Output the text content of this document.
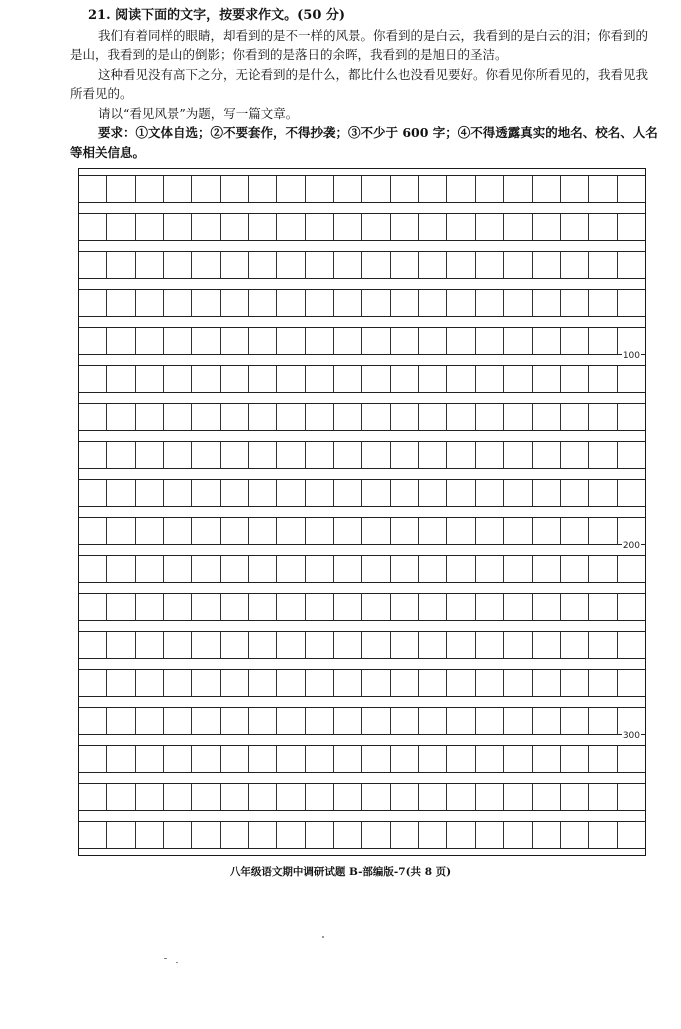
21. 阅读下面的文字，按要求作文。(50 分)

我们有着同样的眼睛，却看到的是不一样的风景。你看到的是白云，我看到的是白云的泪；你看到的是山，我看到的是山的倒影；你看到的是落日的余晖，我看到的是旭日的圣洁。

这种看见没有高下之分，无论看到的是什么，都比什么也没看见要好。你看见你所看见的，我看见我所看见的。

请以“看见风景”为题，写一篇文章。

要求：①文体自选；②不要套作，不得抄袭；③不少于 600 字；④不得透露真实的地名、校名、人名等相关信息。

100
200
300
八年级语文期中调研试题 B-部编版-7(共 8 页)
